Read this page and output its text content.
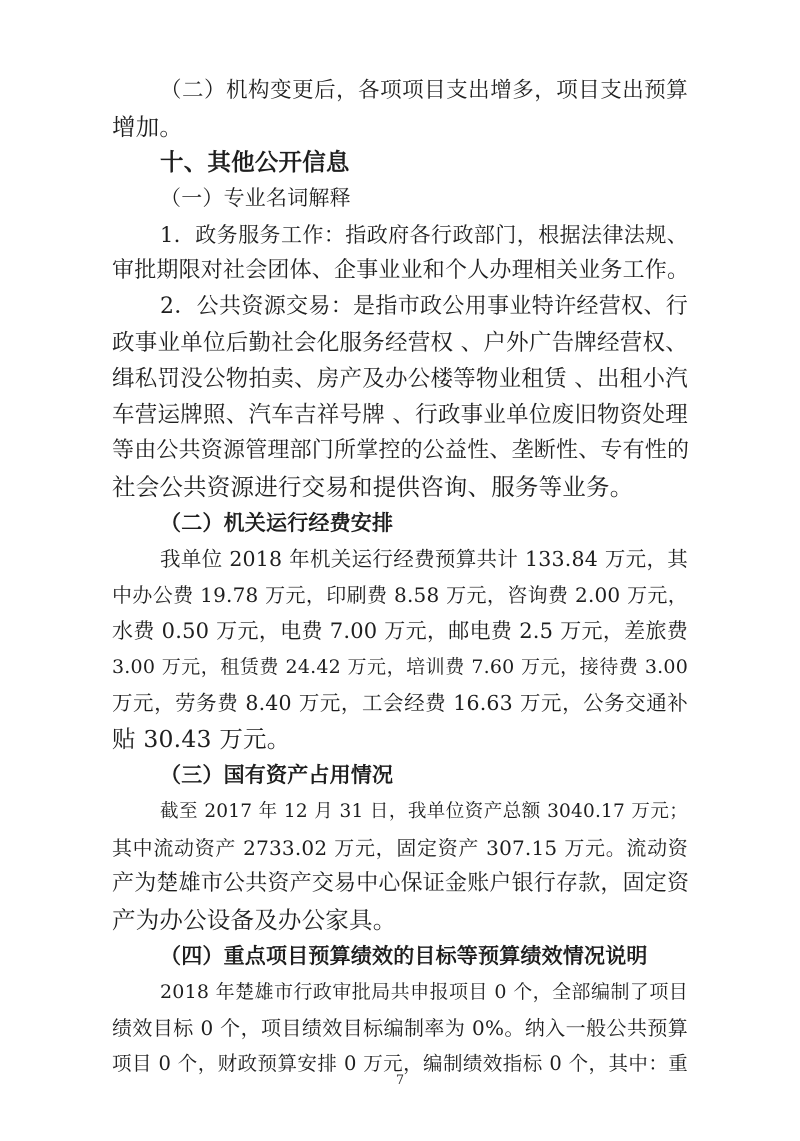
（二）机构变更后，各项项目支出增多，项目支出预算

增加。

十、其他公开信息

（一）专业名词解释

1．政务服务工作：指政府各行政部门，根据法律法规、

审批期限对社会团体、企事业业和个人办理相关业务工作。

2．公共资源交易：是指市政公用事业特许经营权、行

政事业单位后勤社会化服务经营权 、户外广告牌经营权、

缉私罚没公物拍卖、房产及办公楼等物业租赁 、出租小汽

车营运牌照、汽车吉祥号牌 、行政事业单位废旧物资处理

等由公共资源管理部门所掌控的公益性、垄断性、专有性的

社会公共资源进行交易和提供咨询、服务等业务。

（二）机关运行经费安排

我单位 2018 年机关运行经费预算共计 133.84 万元，其

中办公费 19.78 万元，印刷费 8.58 万元，咨询费 2.00 万元，

水费 0.50 万元，电费 7.00 万元，邮电费 2.5 万元，差旅费

3.00 万元，租赁费 24.42 万元，培训费 7.60 万元，接待费 3.00

万元，劳务费 8.40 万元，工会经费 16.63 万元，公务交通补

贴 30.43 万元。

（三）国有资产占用情况

截至 2017 年 12 月 31 日，我单位资产总额 3040.17 万元；

其中流动资产 2733.02 万元，固定资产 307.15 万元。流动资

产为楚雄市公共资产交易中心保证金账户银行存款，固定资

产为办公设备及办公家具。

（四）重点项目预算绩效的目标等预算绩效情况说明

2018 年楚雄市行政审批局共申报项目 0 个，全部编制了项目

绩效目标 0 个，项目绩效目标编制率为 0%。纳入一般公共预算

项目 0 个，财政预算安排 0 万元，编制绩效指标 0 个，其中：重

7
